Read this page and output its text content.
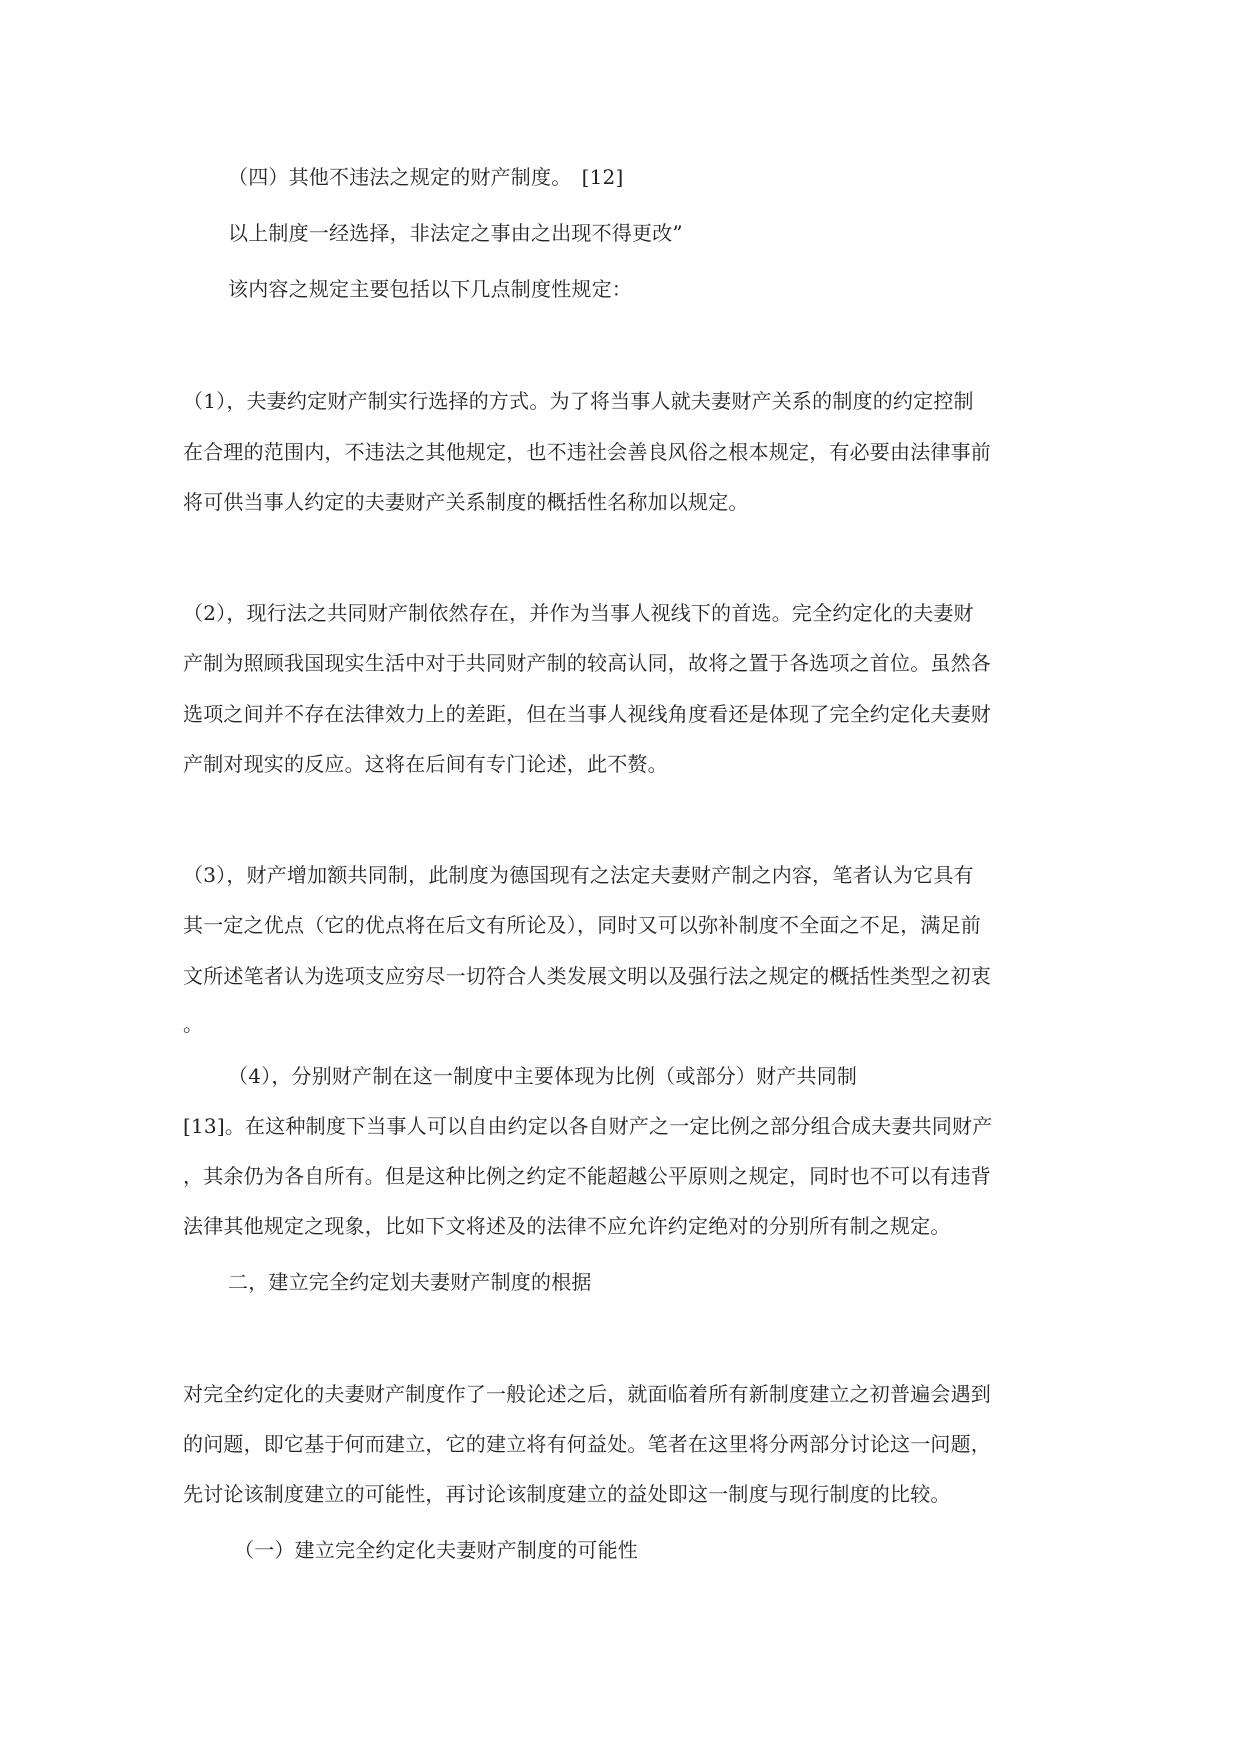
（四）其他不违法之规定的财产制度。　[12]
以上制度一经选择，非法定之事由之出现不得更改”
该内容之规定主要包括以下几点制度性规定：
（1），夫妻约定财产制实行选择的方式。为了将当事人就夫妻财产关系的制度的约定控制
在合理的范围内，不违法之其他规定，也不违社会善良风俗之根本规定，有必要由法律事前
将可供当事人约定的夫妻财产关系制度的概括性名称加以规定。
（2），现行法之共同财产制依然存在，并作为当事人视线下的首选。完全约定化的夫妻财
产制为照顾我国现实生活中对于共同财产制的较高认同，故将之置于各选项之首位。虽然各
选项之间并不存在法律效力上的差距，但在当事人视线角度看还是体现了完全约定化夫妻财
产制对现实的反应。这将在后间有专门论述，此不赘。
（3），财产增加额共同制，此制度为德国现有之法定夫妻财产制之内容，笔者认为它具有
其一定之优点（它的优点将在后文有所论及），同时又可以弥补制度不全面之不足，满足前
文所述笔者认为选项支应穷尽一切符合人类发展文明以及强行法之规定的概括性类型之初衷
。
（4），分别财产制在这一制度中主要体现为比例（或部分）财产共同制
[13]。在这种制度下当事人可以自由约定以各自财产之一定比例之部分组合成夫妻共同财产
，其余仍为各自所有。但是这种比例之约定不能超越公平原则之规定，同时也不可以有违背
法律其他规定之现象，比如下文将述及的法律不应允许约定绝对的分别所有制之规定。
二，建立完全约定划夫妻财产制度的根据
对完全约定化的夫妻财产制度作了一般论述之后，就面临着所有新制度建立之初普遍会遇到
的问题，即它基于何而建立，它的建立将有何益处。笔者在这里将分两部分讨论这一问题，
先讨论该制度建立的可能性，再讨论该制度建立的益处即这一制度与现行制度的比较。
（一）建立完全约定化夫妻财产制度的可能性
